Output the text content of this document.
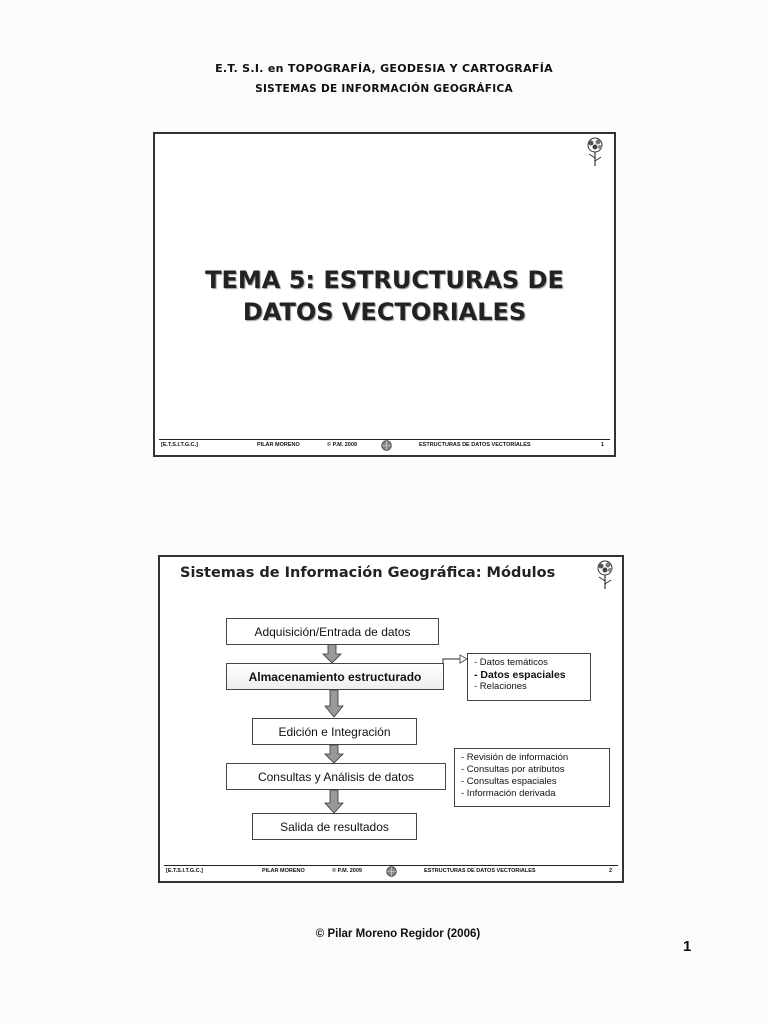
E.T. S.I. en TOPOGRAFÍA, GEODESIA Y CARTOGRAFÍA
SISTEMAS DE INFORMACIÓN GEOGRÁFICA
TEMA 5: ESTRUCTURAS DE
DATOS VECTORIALES
[E.T.S.I.T.G.C.]	PILAR MORENO	© P.M. 2009	ESTRUCTURAS DE DATOS VECTORIALES	1
Sistemas de Información Geográfica: Módulos
Adquisición/Entrada de datos
Almacenamiento estructurado
Edición e Integración
Consultas y Análisis de datos
Salida de resultados
- Datos temáticos
- Datos espaciales
- Relaciones
- Revisión de información
- Consultas por atributos
- Consultas espaciales
- Información derivada
[E.T.S.I.T.G.C.]	PILAR MORENO	© P.M. 2009	ESTRUCTURAS DE DATOS VECTORIALES	2
© Pilar Moreno Regidor (2006)
1
